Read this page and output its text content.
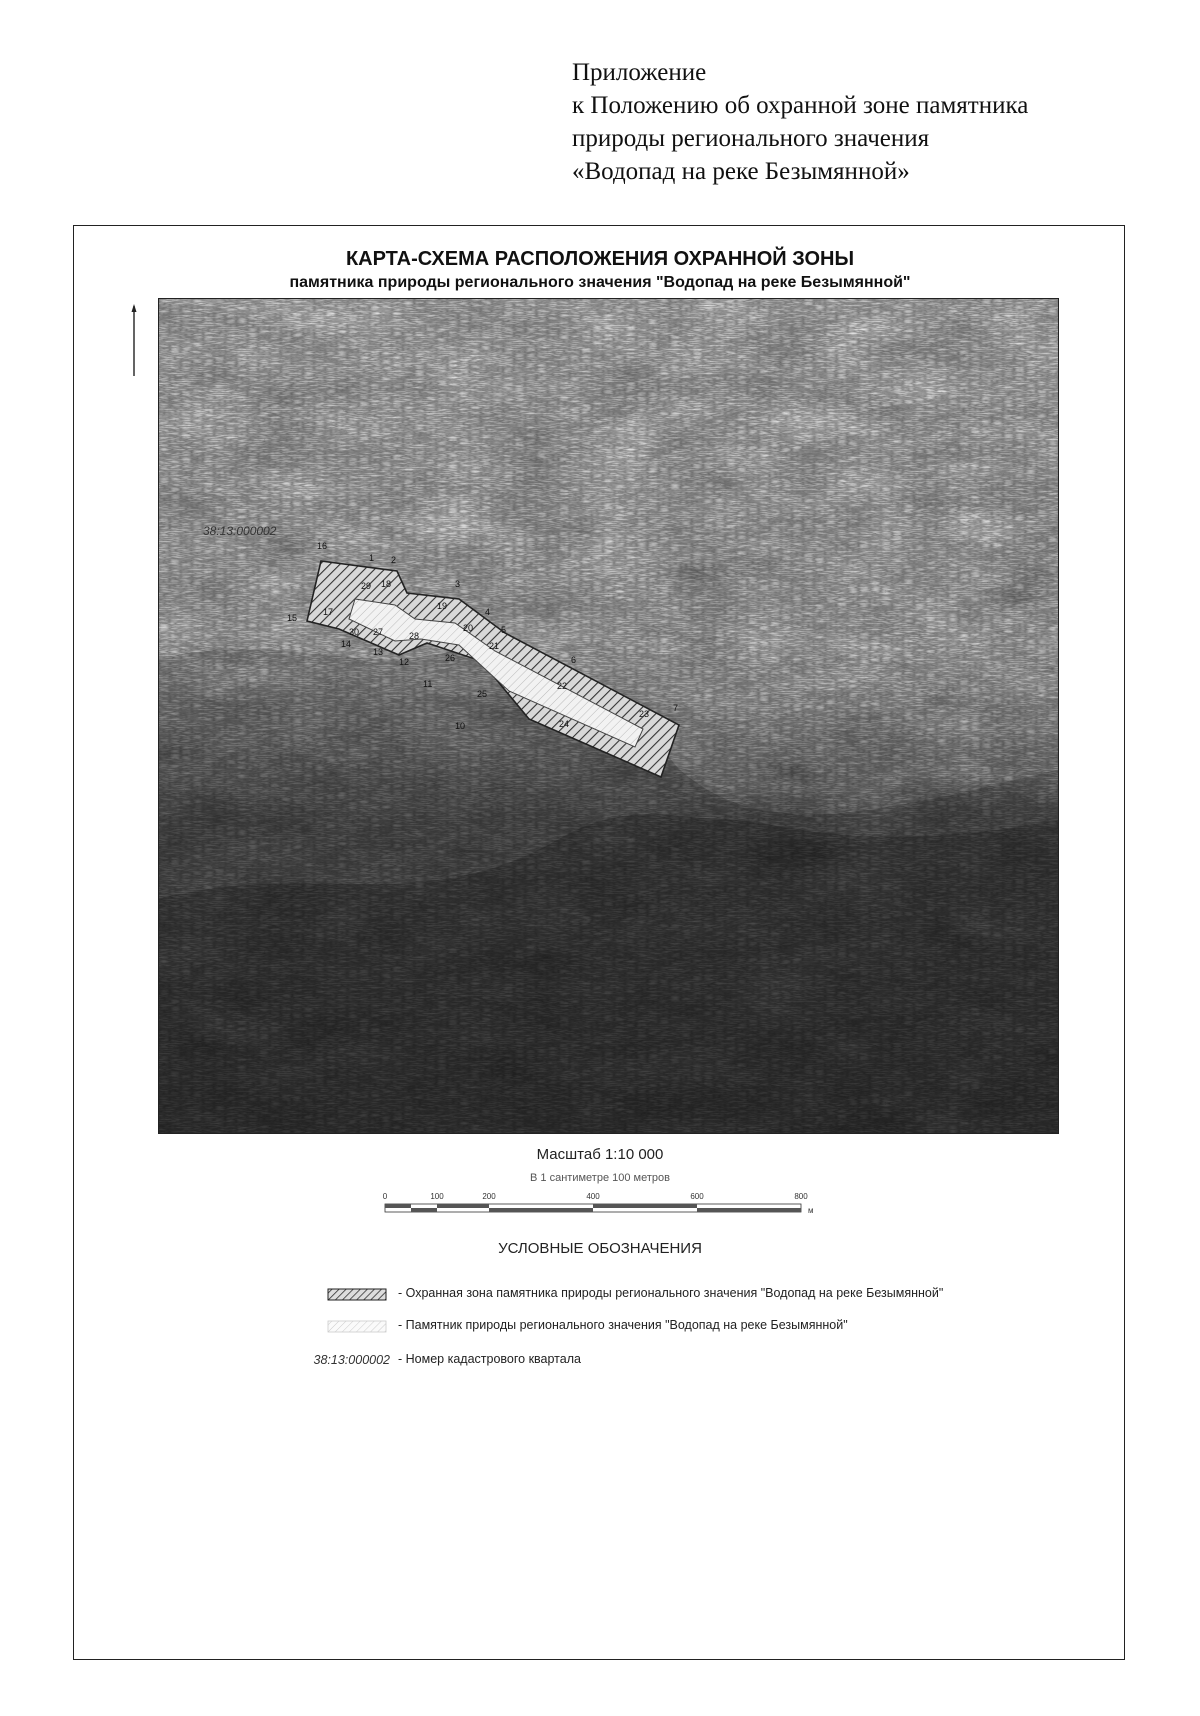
Приложение
к Положению об охранной зоне памятника
природы регионального значения
«Водопад на реке Безымянной»
КАРТА-СХЕМА РАСПОЛОЖЕНИЯ ОХРАННОЙ ЗОНЫ
памятника природы регионального значения "Водопад на реке Безымянной"
38:13:000002
16
1 2
3
4
5
6
7
10
11
12
13
14
15
17
18
19
20
21
22
23
24
25
26
27	28
29
30
Масштаб 1:10 000
В 1 сантиметре 100 метров
0	100	200	400	600	800
м
УСЛОВНЫЕ ОБОЗНАЧЕНИЯ
- Охранная зона памятника природы регионального значения "Водопад на реке Безымянной"
- Памятник природы регионального значения "Водопад на реке Безымянной"
38:13:000002 - Номер кадастрового квартала
